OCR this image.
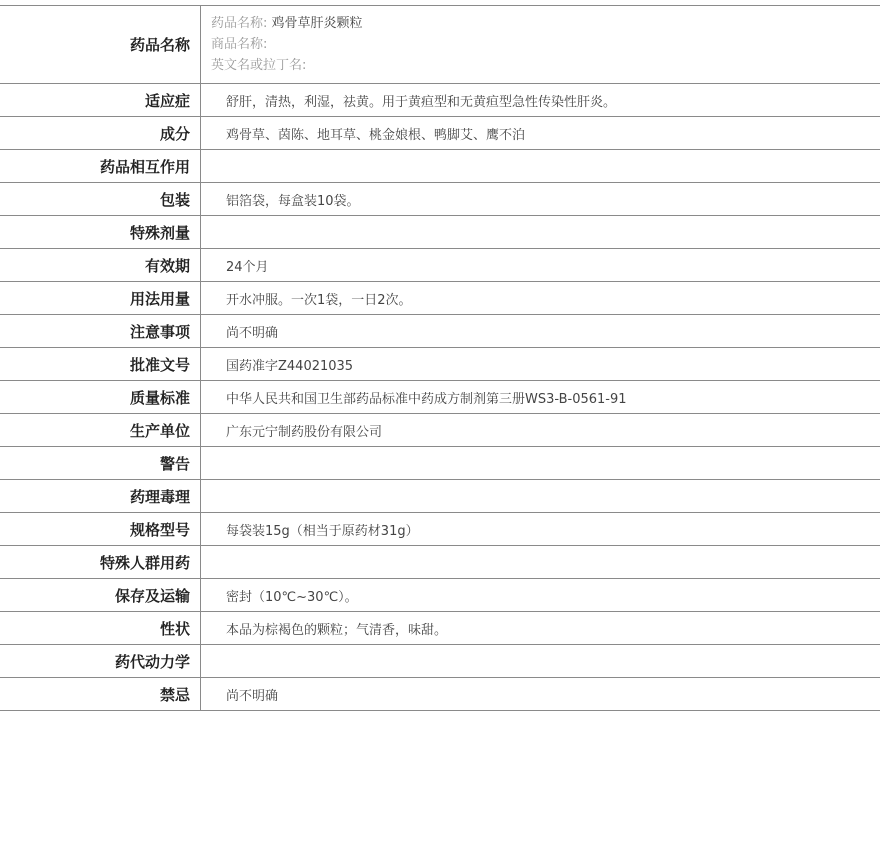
药品名称
药品名称: 鸡骨草肝炎颗粒
商品名称:
英文名或拉丁名:
适应症	舒肝，清热，利湿，祛黄。用于黄疸型和无黄疸型急性传染性肝炎。
成分	鸡骨草、茵陈、地耳草、桃金娘根、鸭脚艾、鹰不泊
药品相互作用
包装	铝箔袋，每盒装10袋。
特殊剂量
有效期	24个月
用法用量	开水冲服。一次1袋，一日2次。
注意事项	尚不明确
批准文号	国药准字Z44021035
质量标准	中华人民共和国卫生部药品标准中药成方制剂第三册WS3-B-0561-91
生产单位	广东元宁制药股份有限公司
警告
药理毒理
规格型号	每袋装15g（相当于原药材31g）
特殊人群用药
保存及运输	密封（10℃~30℃）。
性状	本品为棕褐色的颗粒；气清香，味甜。
药代动力学
禁忌	尚不明确
